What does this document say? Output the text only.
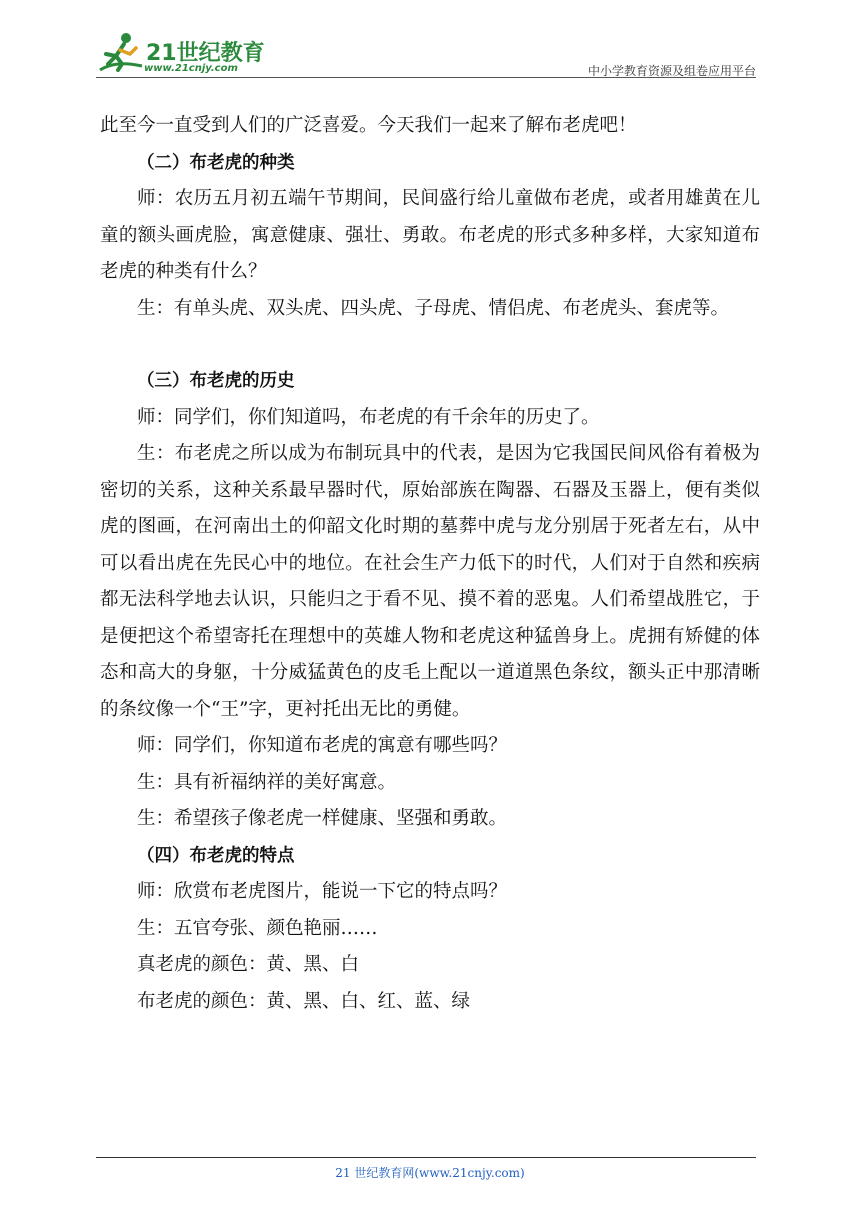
21世纪教育
www.21cnjy.com	中小学教育资源及组卷应用平台

此至今一直受到人们的广泛喜爱。今天我们一起来了解布老虎吧！

（二）布老虎的种类

师：农历五月初五端午节期间，民间盛行给儿童做布老虎，或者用雄黄在儿童的额头画虎脸，寓意健康、强壮、勇敢。布老虎的形式多种多样，大家知道布老虎的种类有什么？

生：有单头虎、双头虎、四头虎、子母虎、情侣虎、布老虎头、套虎等。

（三）布老虎的历史

师：同学们，你们知道吗，布老虎的有千余年的历史了。

生：布老虎之所以成为布制玩具中的代表，是因为它我国民间风俗有着极为密切的关系，这种关系最早器时代，原始部族在陶器、石器及玉器上，便有类似虎的图画，在河南出土的仰韶文化时期的墓葬中虎与龙分别居于死者左右，从中可以看出虎在先民心中的地位。在社会生产力低下的时代，人们对于自然和疾病都无法科学地去认识，只能归之于看不见、摸不着的恶鬼。人们希望战胜它，于是便把这个希望寄托在理想中的英雄人物和老虎这种猛兽身上。虎拥有矫健的体态和高大的身躯，十分威猛黄色的皮毛上配以一道道黑色条纹，额头正中那清晰的条纹像一个“王”字，更衬托出无比的勇健。

师：同学们，你知道布老虎的寓意有哪些吗？

生：具有祈福纳祥的美好寓意。

生：希望孩子像老虎一样健康、坚强和勇敢。

（四）布老虎的特点

师：欣赏布老虎图片，能说一下它的特点吗？

生：五官夸张、颜色艳丽……

真老虎的颜色：黄、黑、白

布老虎的颜色：黄、黑、白、红、蓝、绿

21 世纪教育网(www.21cnjy.com)
